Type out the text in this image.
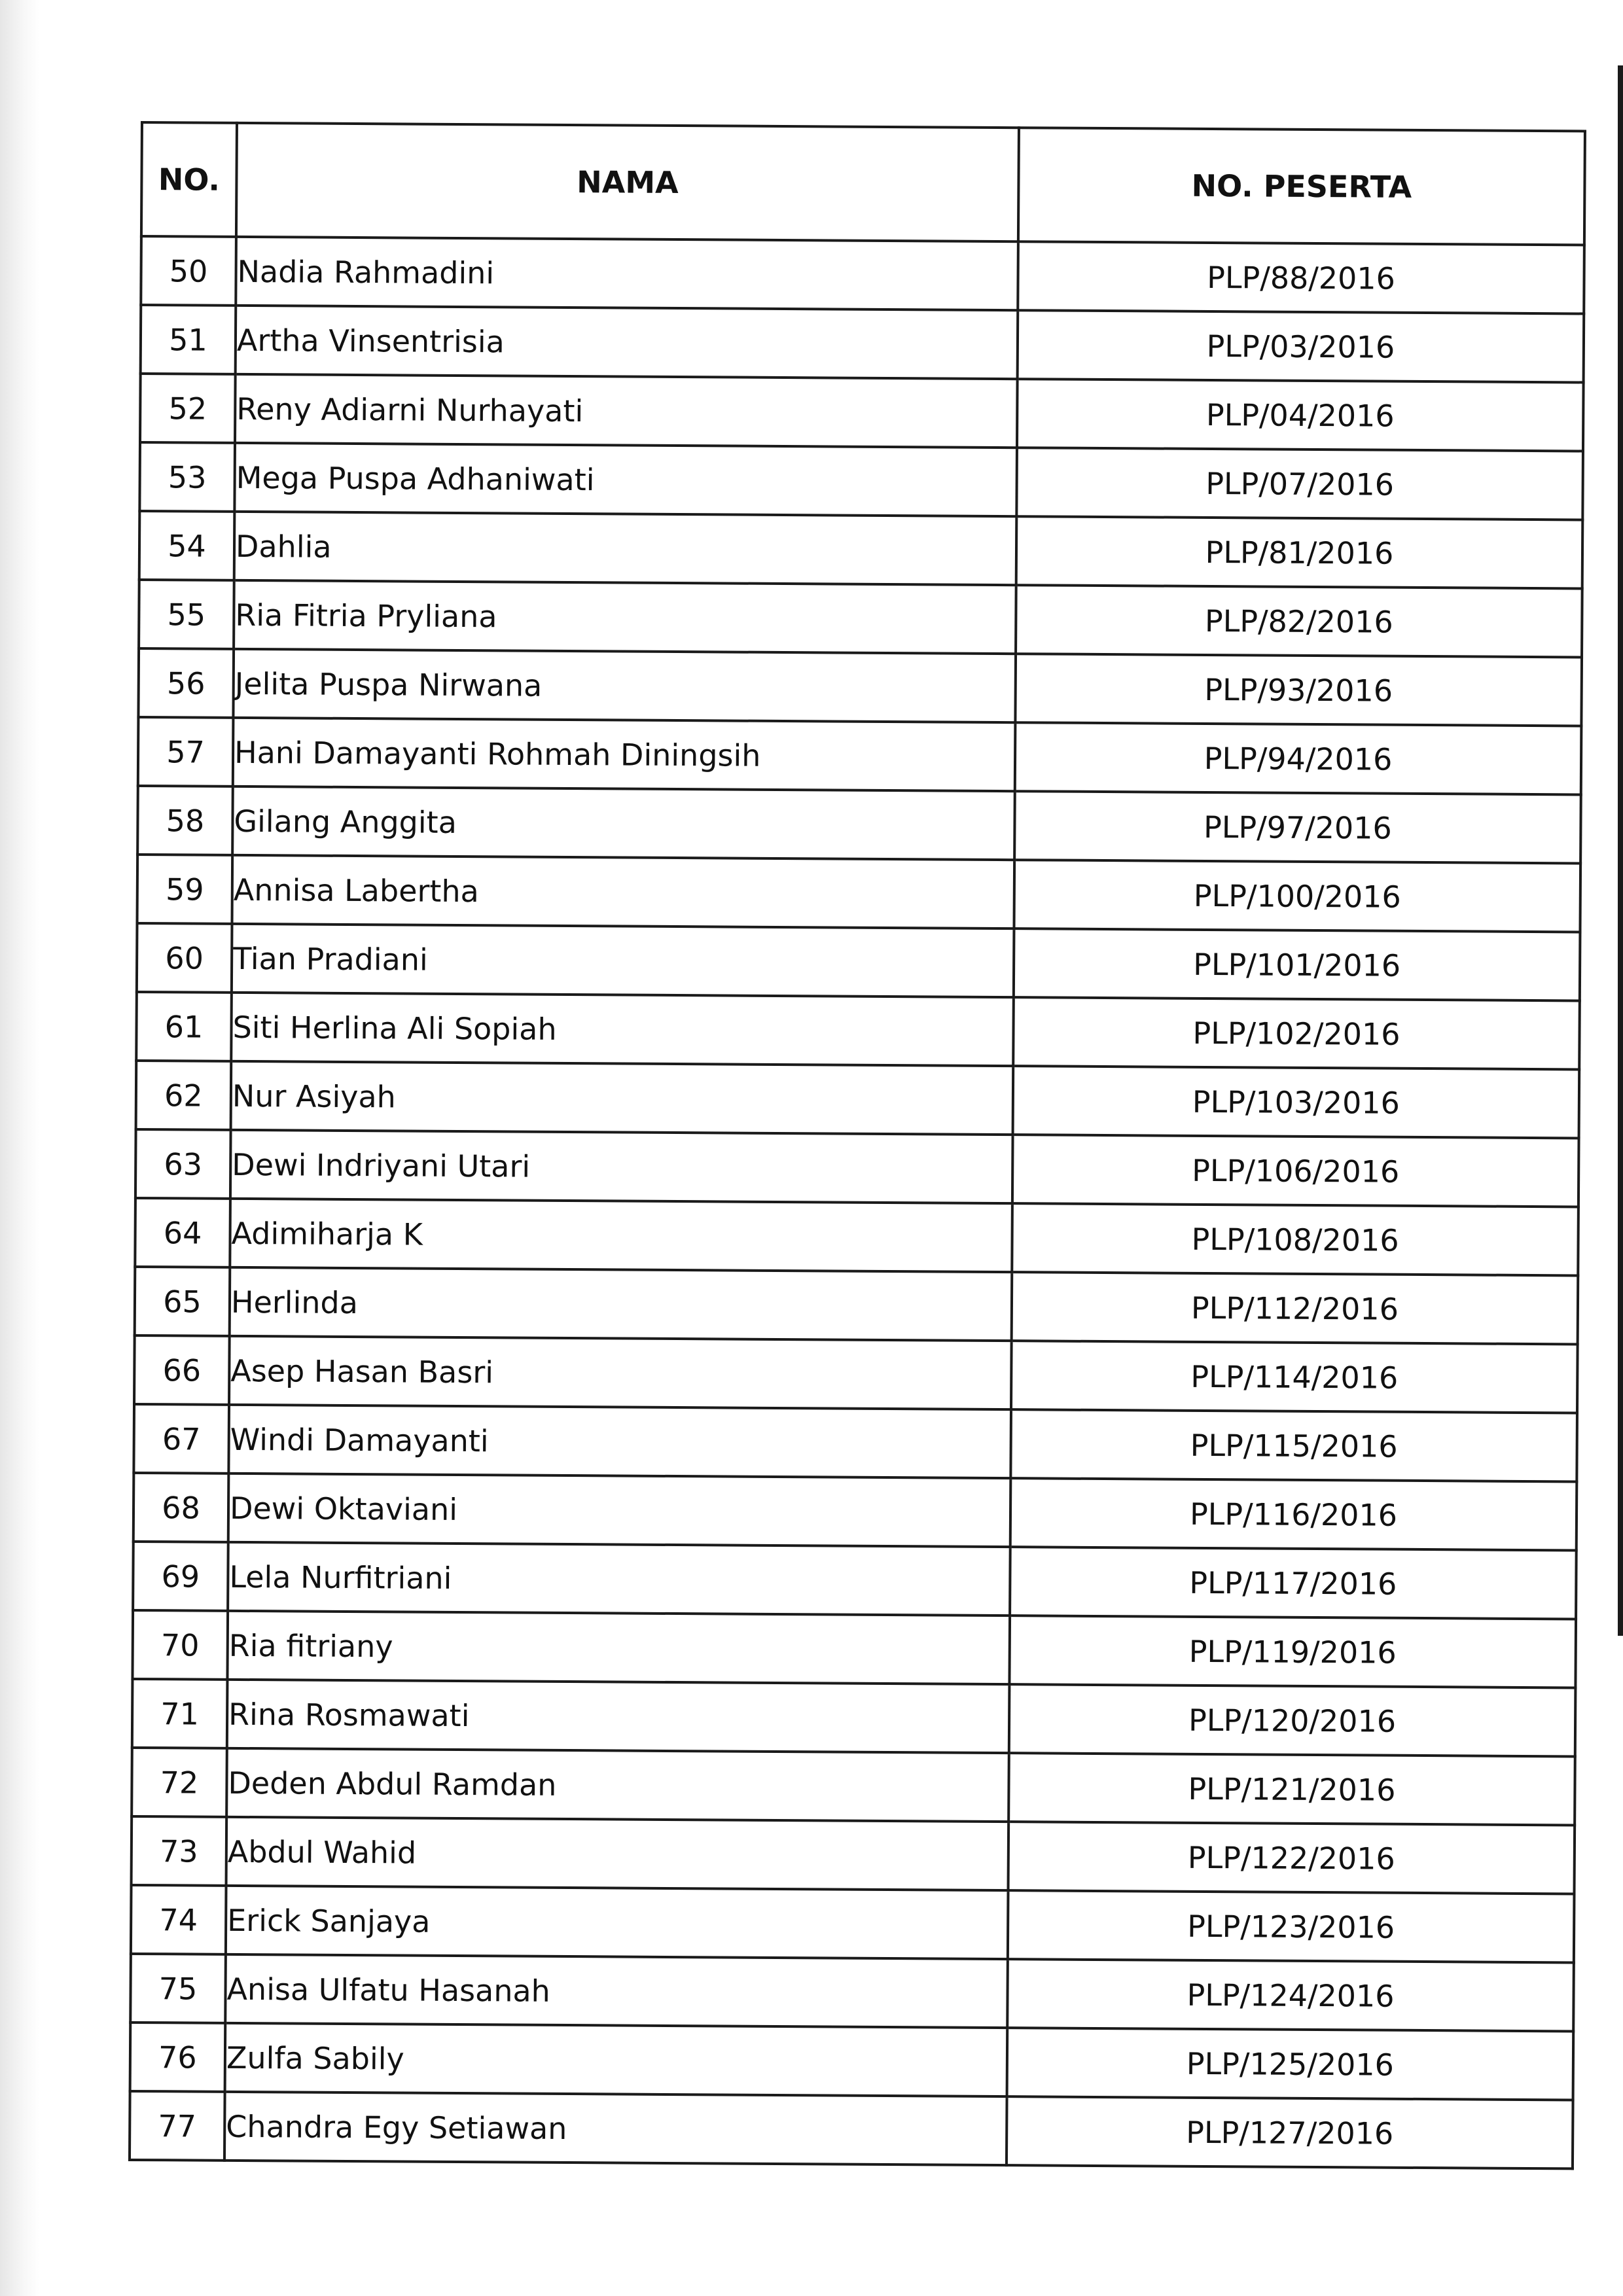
NO.	NAMA	NO. PESERTA
50	Nadia Rahmadini	PLP/88/2016
51	Artha Vinsentrisia	PLP/03/2016
52	Reny Adiarni Nurhayati	PLP/04/2016
53	Mega Puspa Adhaniwati	PLP/07/2016
54	Dahlia	PLP/81/2016
55	Ria Fitria Pryliana	PLP/82/2016
56	Jelita Puspa Nirwana	PLP/93/2016
57	Hani Damayanti Rohmah Diningsih	PLP/94/2016
58	Gilang Anggita	PLP/97/2016
59	Annisa Labertha	PLP/100/2016
60	Tian Pradiani	PLP/101/2016
61	Siti Herlina Ali Sopiah	PLP/102/2016
62	Nur Asiyah	PLP/103/2016
63	Dewi Indriyani Utari	PLP/106/2016
64	Adimiharja K	PLP/108/2016
65	Herlinda	PLP/112/2016
66	Asep Hasan Basri	PLP/114/2016
67	Windi Damayanti	PLP/115/2016
68	Dewi Oktaviani	PLP/116/2016
69	Lela Nurfitriani	PLP/117/2016
70	Ria fitriany	PLP/119/2016
71	Rina Rosmawati	PLP/120/2016
72	Deden Abdul Ramdan	PLP/121/2016
73	Abdul Wahid	PLP/122/2016
74	Erick Sanjaya	PLP/123/2016
75	Anisa Ulfatu Hasanah	PLP/124/2016
76	Zulfa Sabily	PLP/125/2016
77	Chandra Egy Setiawan	PLP/127/2016
